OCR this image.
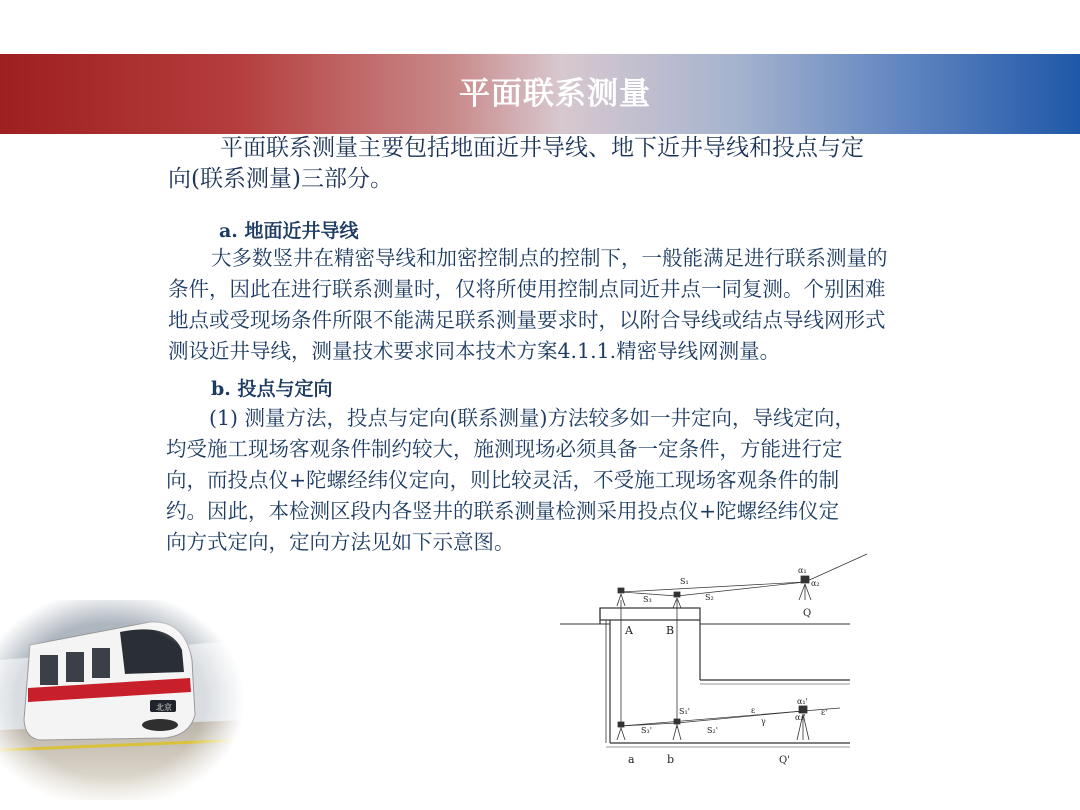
平面联系测量
平面联系测量主要包括地面近井导线、地下近井导线和投点与定
向(联系测量)三部分。
a. 地面近井导线
大多数竖井在精密导线和加密控制点的控制下，一般能满足进行联系测量的
条件，因此在进行联系测量时，仅将所使用控制点同近井点一同复测。个别困难
地点或受现场条件所限不能满足联系测量要求时，以附合导线或结点导线网形式
测设近井导线，测量技术要求同本技术方案4.1.1.精密导线网测量。
b. 投点与定向
(1) 测量方法，投点与定向(联系测量)方法较多如一井定向，导线定向，
均受施工现场客观条件制约较大，施测现场必须具备一定条件，方能进行定
向，而投点仪+陀螺经纬仪定向，则比较灵活，不受施工现场客观条件的制
约。因此，本检测区段内各竖井的联系测量检测采用投点仪+陀螺经纬仪定
向方式定向，定向方法见如下示意图。
A	B
a	b
S₁
S₃	S₂
α₁
α₂
Q
S₁'
S₃'	S₂'
ε
γ
α₁'
α₂'
ε'
Q'
